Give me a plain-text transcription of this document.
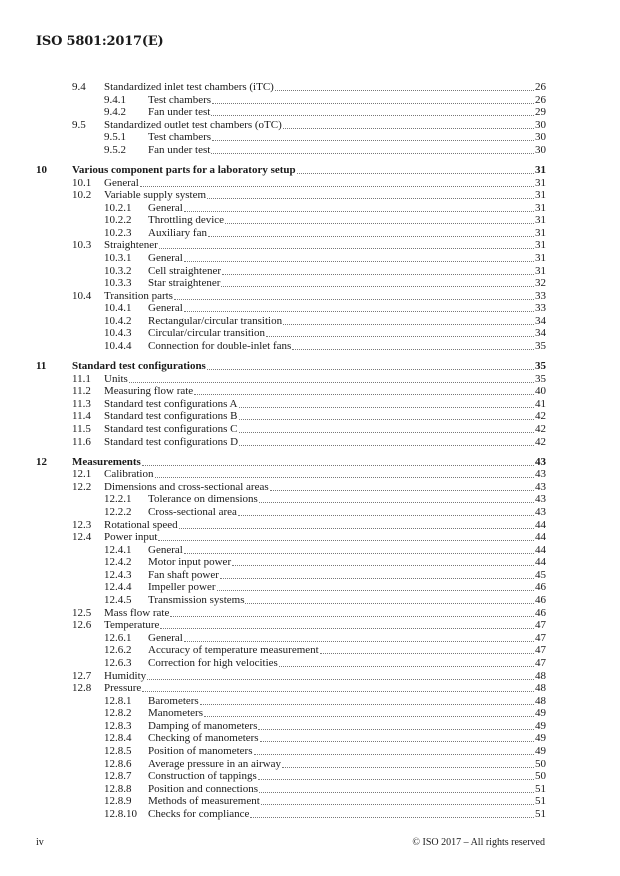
ISO 5801:2017(E)
9.4 Standardized inlet test chambers (iTC)	26
9.4.1 Test chambers	26
9.4.2 Fan under test	29
9.5 Standardized outlet test chambers (oTC)	30
9.5.1 Test chambers	30
9.5.2 Fan under test	30
10 Various component parts for a laboratory setup	31
10.1 General	31
10.2 Variable supply system	31
10.2.1 General	31
10.2.2 Throttling device	31
10.2.3 Auxiliary fan	31
10.3 Straightener	31
10.3.1 General	31
10.3.2 Cell straightener	31
10.3.3 Star straightener	32
10.4 Transition parts	33
10.4.1 General	33
10.4.2 Rectangular/circular transition	34
10.4.3 Circular/circular transition	34
10.4.4 Connection for double-inlet fans	35
11 Standard test configurations	35
11.1 Units	35
11.2 Measuring flow rate	40
11.3 Standard test configurations A	41
11.4 Standard test configurations B	42
11.5 Standard test configurations C	42
11.6 Standard test configurations D	42
12 Measurements	43
12.1 Calibration	43
12.2 Dimensions and cross-sectional areas	43
12.2.1 Tolerance on dimensions	43
12.2.2 Cross-sectional area	43
12.3 Rotational speed	44
12.4 Power input	44
12.4.1 General	44
12.4.2 Motor input power	44
12.4.3 Fan shaft power	45
12.4.4 Impeller power	46
12.4.5 Transmission systems	46
12.5 Mass flow rate	46
12.6 Temperature	47
12.6.1 General	47
12.6.2 Accuracy of temperature measurement	47
12.6.3 Correction for high velocities	47
12.7 Humidity	48
12.8 Pressure	48
12.8.1 Barometers	48
12.8.2 Manometers	49
12.8.3 Damping of manometers	49
12.8.4 Checking of manometers	49
12.8.5 Position of manometers	49
12.8.6 Average pressure in an airway	50
12.8.7 Construction of tappings	50
12.8.8 Position and connections	51
12.8.9 Methods of measurement	51
12.8.10 Checks for compliance	51
iv	© ISO 2017 – All rights reserved
